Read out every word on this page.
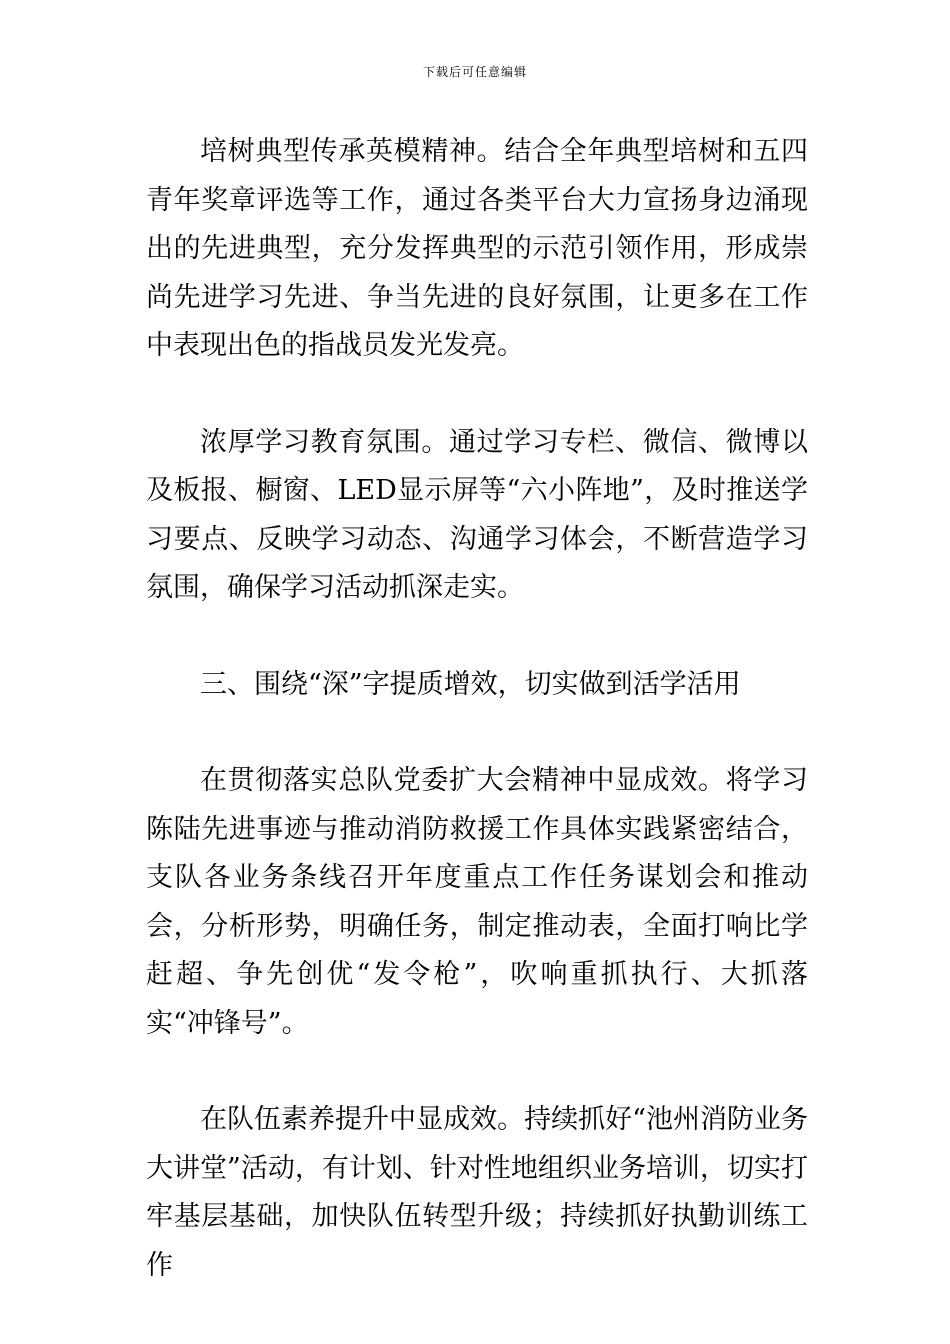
下载后可任意编辑

培树典型传承英模精神。结合全年典型培树和五四青年奖章评选等工作，通过各类平台大力宣扬身边涌现出的先进典型，充分发挥典型的示范引领作用，形成崇尚先进学习先进、争当先进的良好氛围，让更多在工作中表现出色的指战员发光发亮。

浓厚学习教育氛围。通过学习专栏、微信、微博以及板报、橱窗、LED显示屏等“六小阵地”，及时推送学习要点、反映学习动态、沟通学习体会，不断营造学习氛围，确保学习活动抓深走实。

三、围绕“深”字提质增效，切实做到活学活用

在贯彻落实总队党委扩大会精神中显成效。将学习陈陆先进事迹与推动消防救援工作具体实践紧密结合，支队各业务条线召开年度重点工作任务谋划会和推动会，分析形势，明确任务，制定推动表，全面打响比学赶超、争先创优“发令枪”，吹响重抓执行、大抓落实“冲锋号”。

在队伍素养提升中显成效。持续抓好“池州消防业务大讲堂”活动，有计划、针对性地组织业务培训，切实打牢基层基础，加快队伍转型升级；持续抓好执勤训练工作
